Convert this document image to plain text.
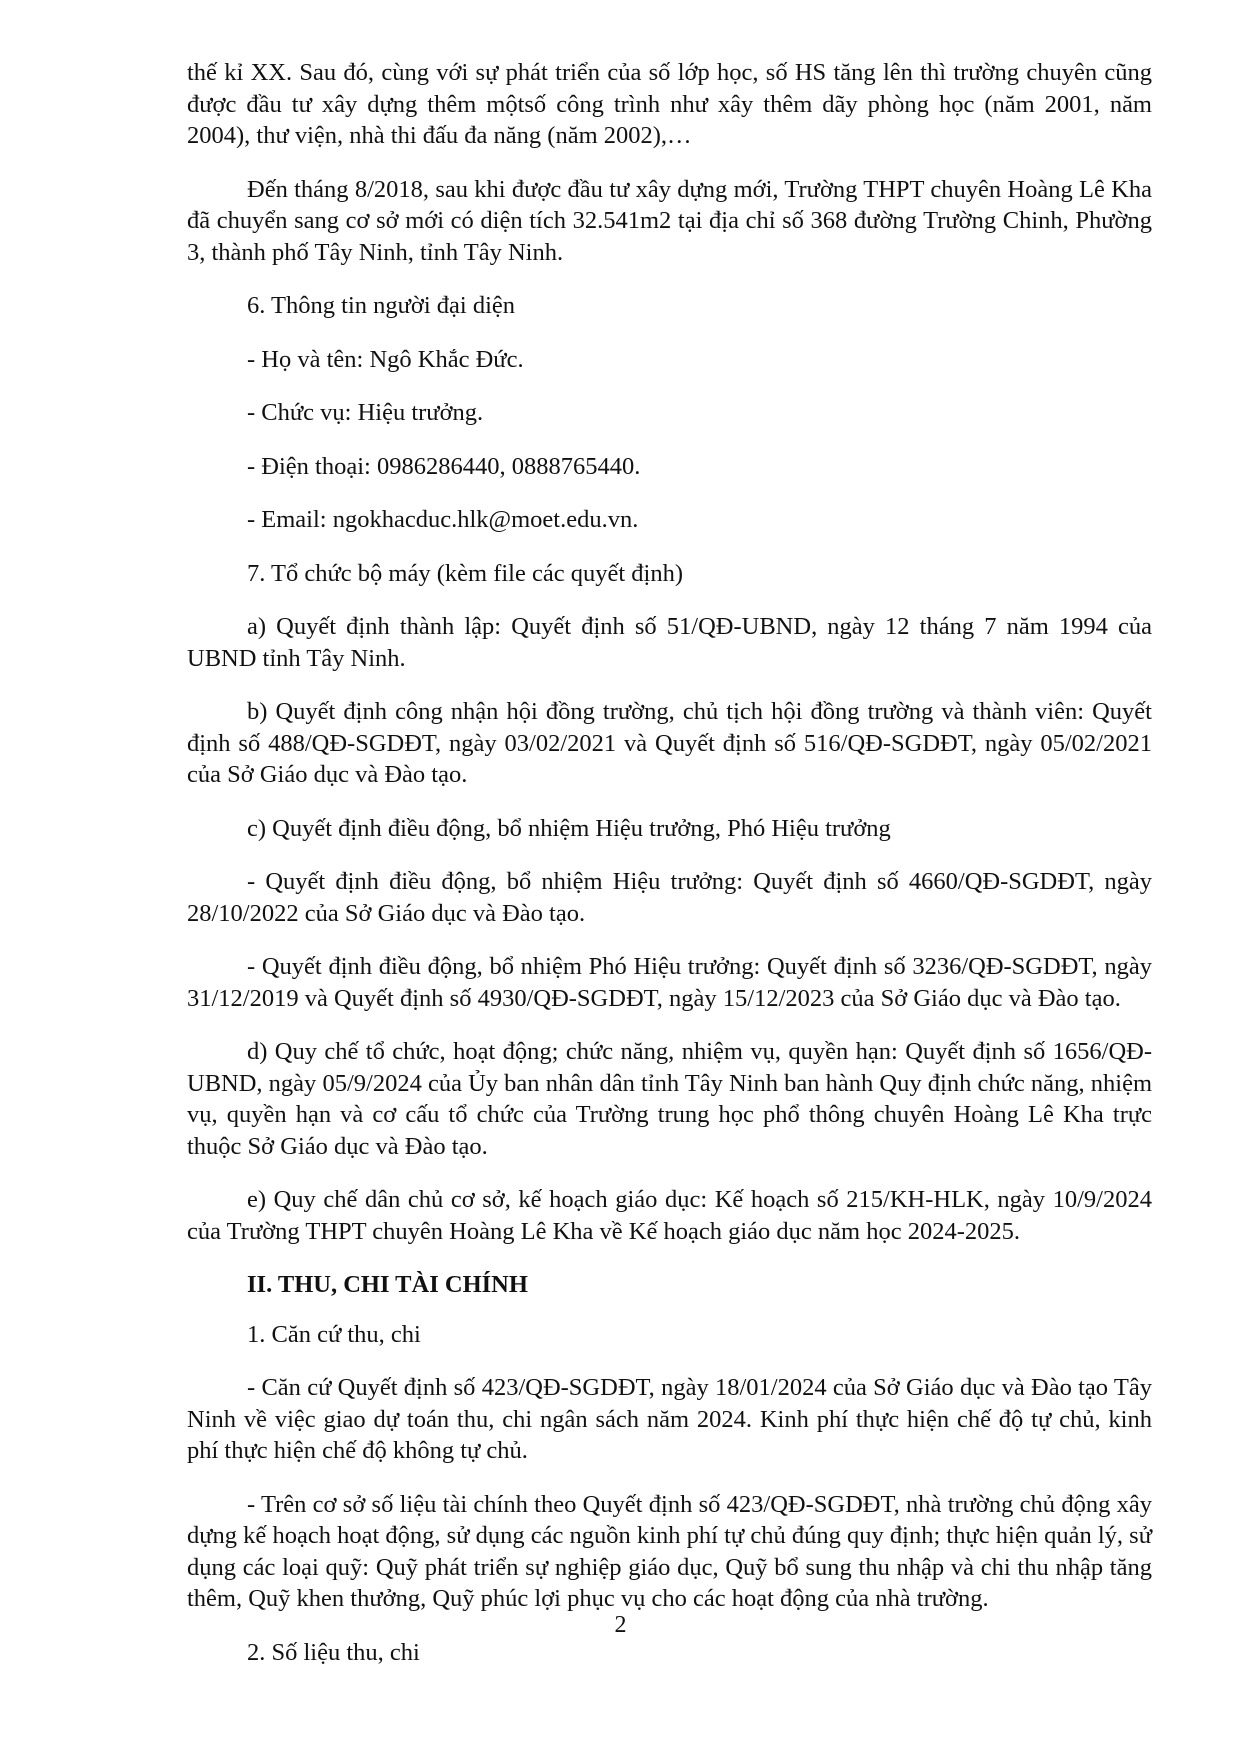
thế kỉ XX. Sau đó, cùng với sự phát triển của số lớp học, số HS tăng lên thì trường chuyên cũng được đầu tư xây dựng thêm mộtsố công trình như xây thêm dãy phòng học (năm 2001, năm 2004), thư viện, nhà thi đấu đa năng (năm 2002),…

Đến tháng 8/2018, sau khi được đầu tư xây dựng mới, Trường THPT chuyên Hoàng Lê Kha đã chuyển sang cơ sở mới có diện tích 32.541m2 tại địa chỉ số 368 đường Trường Chinh, Phường 3, thành phố Tây Ninh, tỉnh Tây Ninh.

6. Thông tin người đại diện

- Họ và tên: Ngô Khắc Đức.

- Chức vụ: Hiệu trưởng.

- Điện thoại: 0986286440, 0888765440.

- Email: ngokhacduc.hlk@moet.edu.vn.

7. Tổ chức bộ máy (kèm file các quyết định)

a) Quyết định thành lập: Quyết định số 51/QĐ-UBND, ngày 12 tháng 7 năm 1994 của UBND tỉnh Tây Ninh.

b) Quyết định công nhận hội đồng trường, chủ tịch hội đồng trường và thành viên: Quyết định số 488/QĐ-SGDĐT, ngày 03/02/2021 và Quyết định số 516/QĐ-SGDĐT, ngày 05/02/2021 của Sở Giáo dục và Đào tạo.

c) Quyết định điều động, bổ nhiệm Hiệu trưởng, Phó Hiệu trưởng

- Quyết định điều động, bổ nhiệm Hiệu trưởng: Quyết định số 4660/QĐ-SGDĐT, ngày 28/10/2022 của Sở Giáo dục và Đào tạo.

- Quyết định điều động, bổ nhiệm Phó Hiệu trưởng: Quyết định số 3236/QĐ-SGDĐT, ngày 31/12/2019 và Quyết định số 4930/QĐ-SGDĐT, ngày 15/12/2023 của Sở Giáo dục và Đào tạo.

d) Quy chế tổ chức, hoạt động; chức năng, nhiệm vụ, quyền hạn: Quyết định số 1656/QĐ-UBND, ngày 05/9/2024 của Ủy ban nhân dân tỉnh Tây Ninh ban hành Quy định chức năng, nhiệm vụ, quyền hạn và cơ cấu tổ chức của Trường trung học phổ thông chuyên Hoàng Lê Kha trực thuộc Sở Giáo dục và Đào tạo.

e) Quy chế dân chủ cơ sở, kế hoạch giáo dục: Kế hoạch số 215/KH-HLK, ngày 10/9/2024 của Trường THPT chuyên Hoàng Lê Kha về Kế hoạch giáo dục năm học 2024-2025.

II. THU, CHI TÀI CHÍNH

1. Căn cứ thu, chi

- Căn cứ Quyết định số 423/QĐ-SGDĐT, ngày 18/01/2024 của Sở Giáo dục và Đào tạo Tây Ninh về việc giao dự toán thu, chi ngân sách năm 2024. Kinh phí thực hiện chế độ tự chủ, kinh phí thực hiện chế độ không tự chủ.

- Trên cơ sở số liệu tài chính theo Quyết định số 423/QĐ-SGDĐT, nhà trường chủ động xây dựng kế hoạch hoạt động, sử dụng các nguồn kinh phí tự chủ đúng quy định; thực hiện quản lý, sử dụng các loại quỹ: Quỹ phát triển sự nghiệp giáo dục, Quỹ bổ sung thu nhập và chi thu nhập tăng thêm, Quỹ khen thưởng, Quỹ phúc lợi phục vụ cho các hoạt động của nhà trường.

2. Số liệu thu, chi

2
